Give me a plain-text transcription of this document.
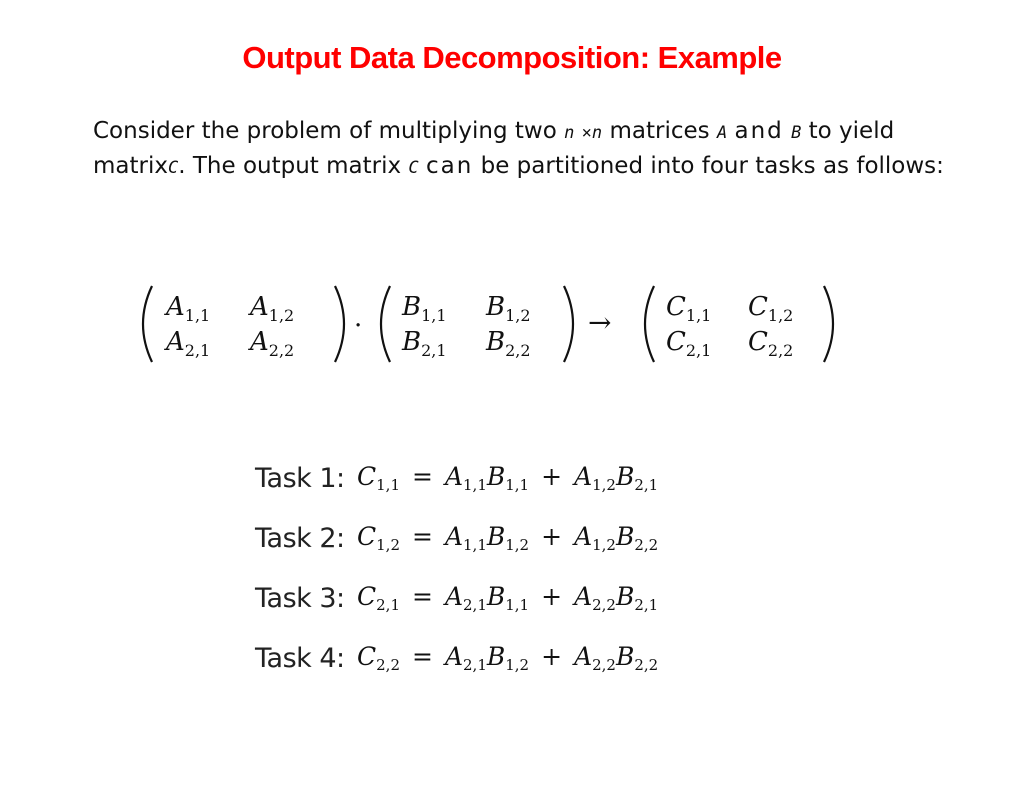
Output Data Decomposition: Example
Consider the problem of multiplying two n ×n matrices A and B to yield matrixC. The output matrix C can be partitioned into four tasks as follows:
$A_{1,1}$ $A_{1,2}$
$A_{2,1}$ $A_{2,2}$
·
$B_{1,1}$ $B_{1,2}$
$B_{2,1}$ $B_{2,2}$
→ $C_{1,1}$ $C_{1,2}$
$C_{2,1}$ $C_{2,2}$
Task 1: $C_{1,1} = A_{1,1}B_{1,1} + A_{1,2}B_{2,1}$
Task 2: $C_{1,2} = A_{1,1}B_{1,2} + A_{1,2}B_{2,2}$
Task 3: $C_{2,1} = A_{2,1}B_{1,1} + A_{2,2}B_{2,1}$
Task 4: $C_{2,2} = A_{2,1}B_{1,2} + A_{2,2}B_{2,2}$
